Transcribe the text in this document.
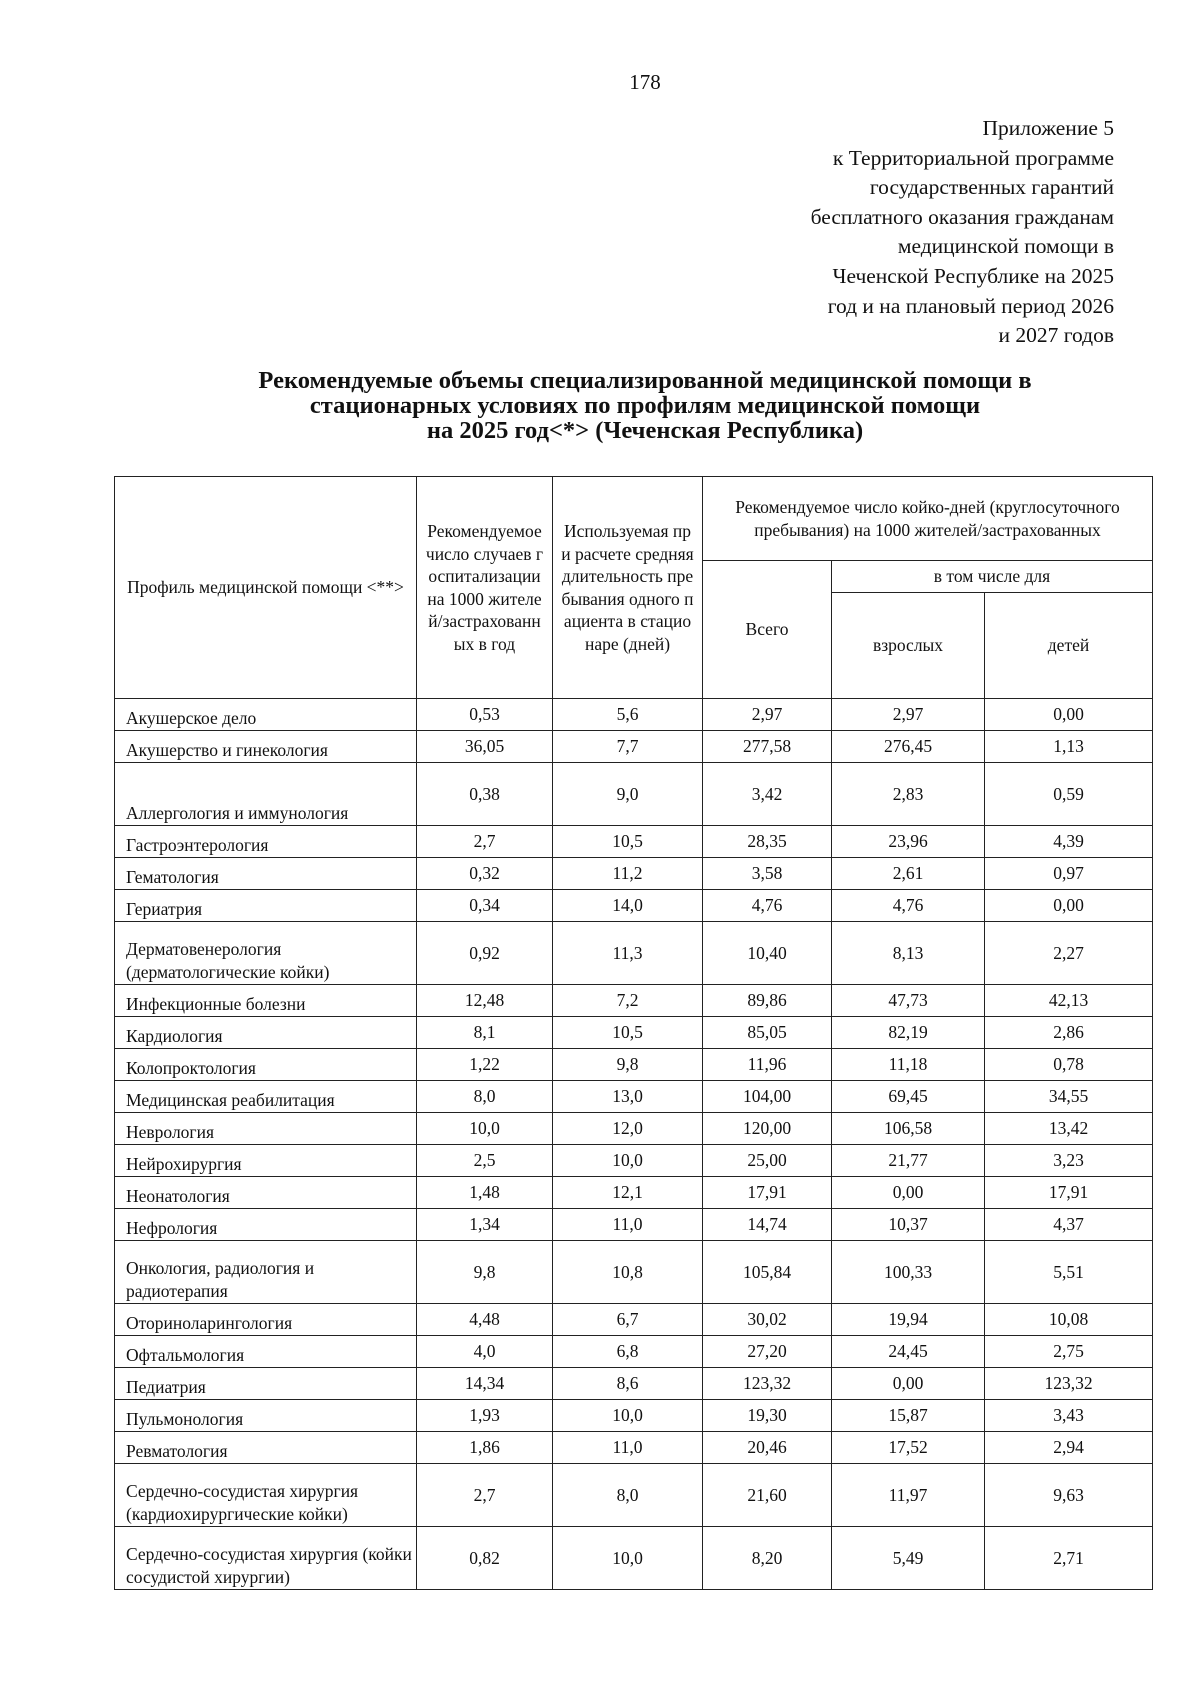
178
Приложение 5
к Территориальной программе
государственных гарантий
бесплатного оказания гражданам
медицинской помощи в
Чеченской Республике на 2025
год и на плановый период 2026
и 2027 годов
Рекомендуемые объемы специализированной медицинской помощи в
стационарных условиях по профилям медицинской помощи
на 2025 год<*> (Чеченская Республика)
Профиль медицинской помощи <**>	Рекомендуемое число случаев госпитализации на 1000 жителей/застрахованных в год	Используемая при расчете средняя длительность пребывания одного пациента в стационаре (дней)	Рекомендуемое число койко-дней (круглосуточного пребывания) на 1000 жителей/застрахованных		
			Всего	в том числе для	
				взрослых	детей

Акушерское дело	0,53	5,6	2,97	2,97	0,00

Акушерство и гинекология	36,05	7,7	277,58	276,45	1,13

Аллергология и иммунология	0,38	9,0	3,42	2,83	0,59

Гастроэнтерология	2,7	10,5	28,35	23,96	4,39

Гематология	0,32	11,2	3,58	2,61	0,97

Гериатрия	0,34	14,0	4,76	4,76	0,00

Дерматовенерология (дерматологические койки)	0,92	11,3	10,40	8,13	2,27

Инфекционные болезни	12,48	7,2	89,86	47,73	42,13

Кардиология	8,1	10,5	85,05	82,19	2,86

Колопроктология	1,22	9,8	11,96	11,18	0,78

Медицинская реабилитация	8,0	13,0	104,00	69,45	34,55

Неврология	10,0	12,0	120,00	106,58	13,42

Нейрохирургия	2,5	10,0	25,00	21,77	3,23

Неонатология	1,48	12,1	17,91	0,00	17,91

Нефрология	1,34	11,0	14,74	10,37	4,37

Онкология, радиология и радиотерапия	9,8	10,8	105,84	100,33	5,51

Оториноларингология	4,48	6,7	30,02	19,94	10,08

Офтальмология	4,0	6,8	27,20	24,45	2,75

Педиатрия	14,34	8,6	123,32	0,00	123,32

Пульмонология	1,93	10,0	19,30	15,87	3,43

Ревматология	1,86	11,0	20,46	17,52	2,94

Сердечно-сосудистая хирургия (кардиохирургические койки)	2,7	8,0	21,60	11,97	9,63

Сердечно-сосудистая хирургия (койки сосудистой хирургии)	0,82	10,0	8,20	5,49	2,71
